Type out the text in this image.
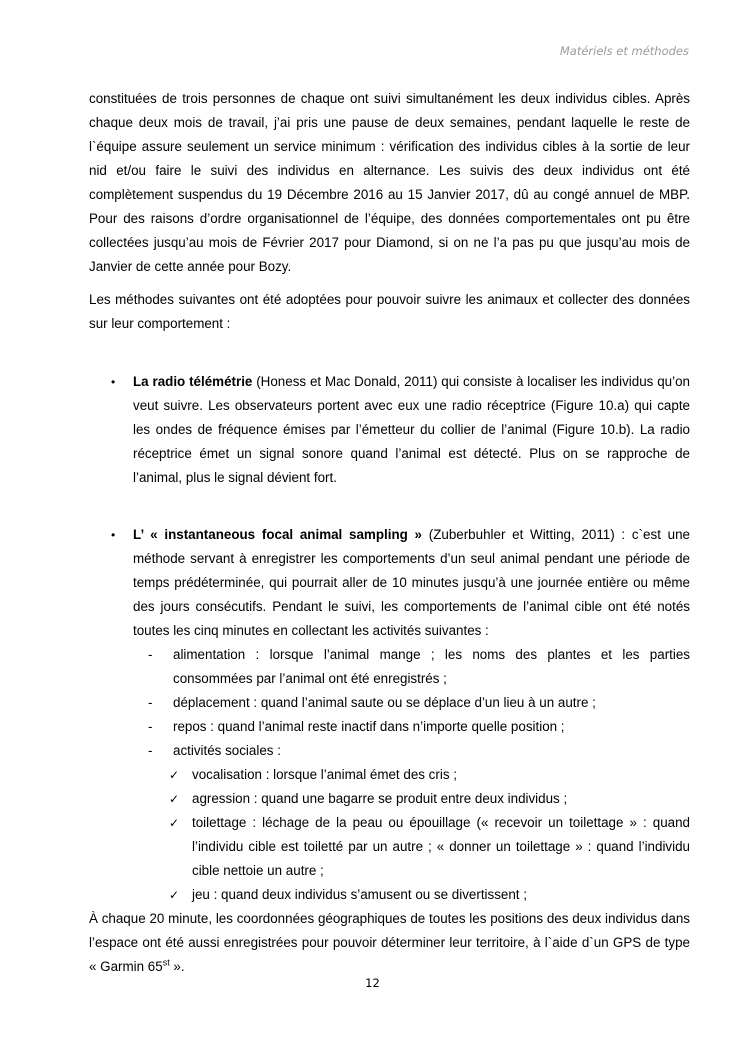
Matériels et méthodes

constituées de trois personnes de chaque ont suivi simultanément les deux individus cibles. Après chaque deux mois de travail, j’ai pris une pause de deux semaines, pendant laquelle le reste de l`équipe assure seulement un service minimum : vérification des individus cibles à la sortie de leur nid et/ou faire le suivi des individus en alternance. Les suivis des deux individus ont été complètement suspendus du 19 Décembre 2016 au 15 Janvier 2017, dû au congé annuel de MBP. Pour des raisons d’ordre organisationnel de l’équipe, des données comportementales ont pu être collectées jusqu’au mois de Février 2017 pour Diamond, si on ne l’a pas pu que jusqu’au mois de Janvier de cette année pour Bozy.

Les méthodes suivantes ont été adoptées pour pouvoir suivre les animaux et collecter des données sur leur comportement :

• La radio télémétrie (Honess et Mac Donald, 2011) qui consiste à localiser les individus qu’on veut suivre. Les observateurs portent avec eux une radio réceptrice (Figure 10.a) qui capte les ondes de fréquence émises par l’émetteur du collier de l’animal (Figure 10.b). La radio réceptrice émet un signal sonore quand l’animal est détecté. Plus on se rapproche de l’animal, plus le signal dévient fort.
• L’ « instantaneous focal animal sampling » (Zuberbuhler et Witting, 2011) : c`est une méthode servant à enregistrer les comportements d’un seul animal pendant une période de temps prédéterminée, qui pourrait aller de 10 minutes jusqu’à une journée entière ou même des jours consécutifs. Pendant le suivi, les comportements de l’animal cible ont été notés toutes les cinq minutes en collectant les activités suivantes :
- alimentation : lorsque l’animal mange ; les noms des plantes et les parties consommées par l’animal ont été enregistrés ;
- déplacement : quand l’animal saute ou se déplace d’un lieu à un autre ;
- repos : quand l’animal reste inactif dans n’importe quelle position ;
- activités sociales :
✓ vocalisation : lorsque l’animal émet des cris ;
✓ agression : quand une bagarre se produit entre deux individus ;
✓ toilettage : léchage de la peau ou épouillage (« recevoir un toilettage » : quand l’individu cible est toiletté par un autre ; « donner un toilettage » : quand l’individu cible nettoie un autre ;
✓ jeu : quand deux individus s’amusent ou se divertissent ;

À chaque 20 minute, les coordonnées géographiques de toutes les positions des deux individus dans l’espace ont été aussi enregistrées pour pouvoir déterminer leur territoire, à l`aide d`un GPS de type « Garmin 65st ».

12
